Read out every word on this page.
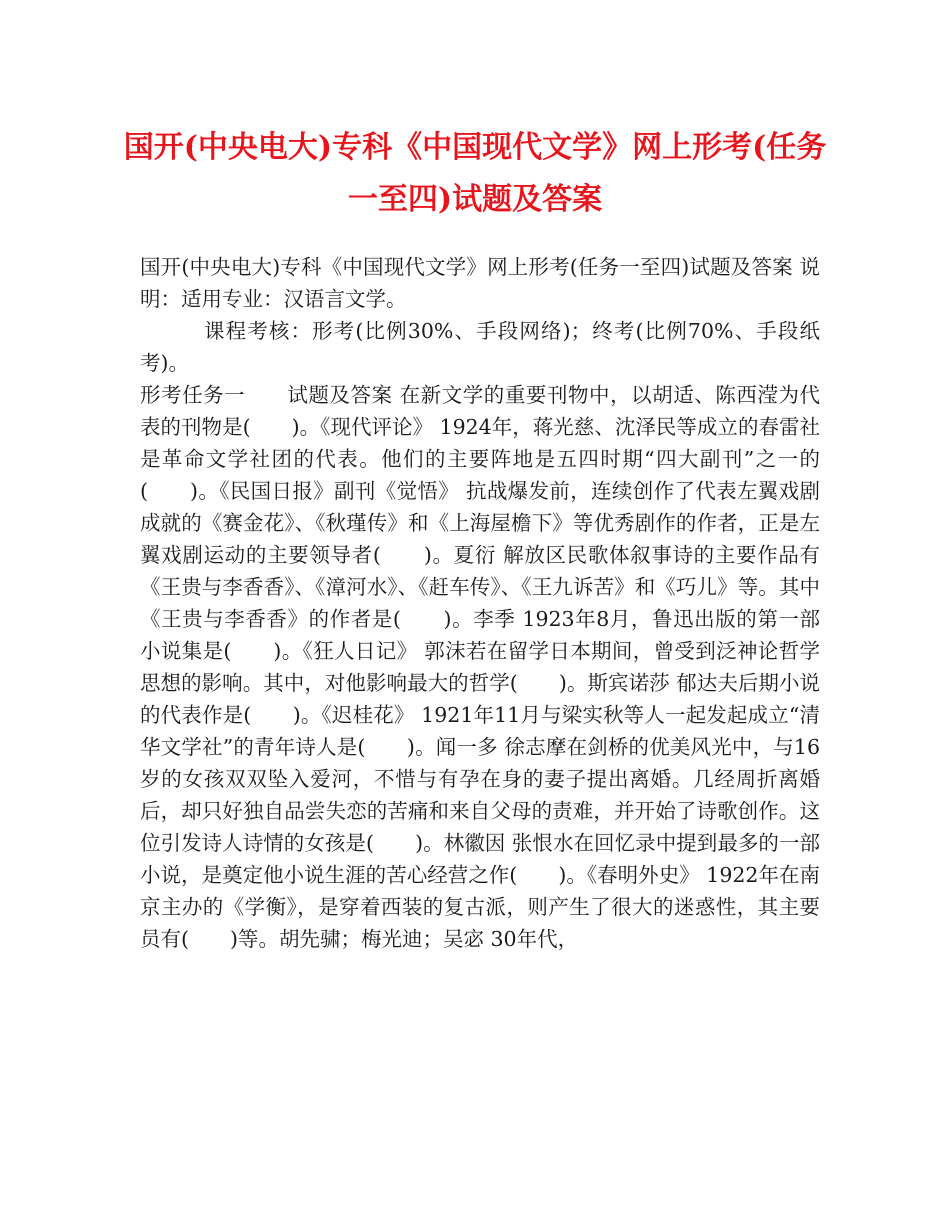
国开(中央电大)专科《中国现代文学》网上形考(任务一至四)试题及答案

国开(中央电大)专科《中国现代文学》网上形考(任务一至四)试题及答案 说明：适用专业：汉语言文学。

课程考核：形考(比例30%、手段网络)；终考(比例70%、手段纸考)。

形考任务一　　试题及答案 在新文学的重要刊物中，以胡适、陈西滢为代表的刊物是(　　)。《现代评论》 1924年，蒋光慈、沈泽民等成立的春雷社是革命文学社团的代表。他们的主要阵地是五四时期“四大副刊”之一的(　　)。《民国日报》副刊《觉悟》 抗战爆发前，连续创作了代表左翼戏剧成就的《赛金花》、《秋瑾传》和《上海屋檐下》等优秀剧作的作者，正是左翼戏剧运动的主要领导者(　　)。夏衍 解放区民歌体叙事诗的主要作品有《王贵与李香香》、《漳河水》、《赶车传》、《王九诉苦》和《巧儿》等。其中《王贵与李香香》的作者是(　　)。李季 1923年8月，鲁迅出版的第一部小说集是(　　)。《狂人日记》 郭沫若在留学日本期间，曾受到泛神论哲学思想的影响。其中，对他影响最大的哲学(　　)。斯宾诺莎 郁达夫后期小说的代表作是(　　)。《迟桂花》 1921年11月与梁实秋等人一起发起成立“清华文学社”的青年诗人是(　　)。闻一多 徐志摩在剑桥的优美风光中，与16岁的女孩双双坠入爱河，不惜与有孕在身的妻子提出离婚。几经周折离婚后，却只好独自品尝失恋的苦痛和来自父母的责难，并开始了诗歌创作。这位引发诗人诗情的女孩是(　　)。林徽因 张恨水在回忆录中提到最多的一部小说，是奠定他小说生涯的苦心经营之作(　　)。《春明外史》 1922年在南京主办的《学衡》，是穿着西装的复古派，则产生了很大的迷惑性，其主要员有(　　)等。胡先骕；梅光迪；吴宓 30年代，
